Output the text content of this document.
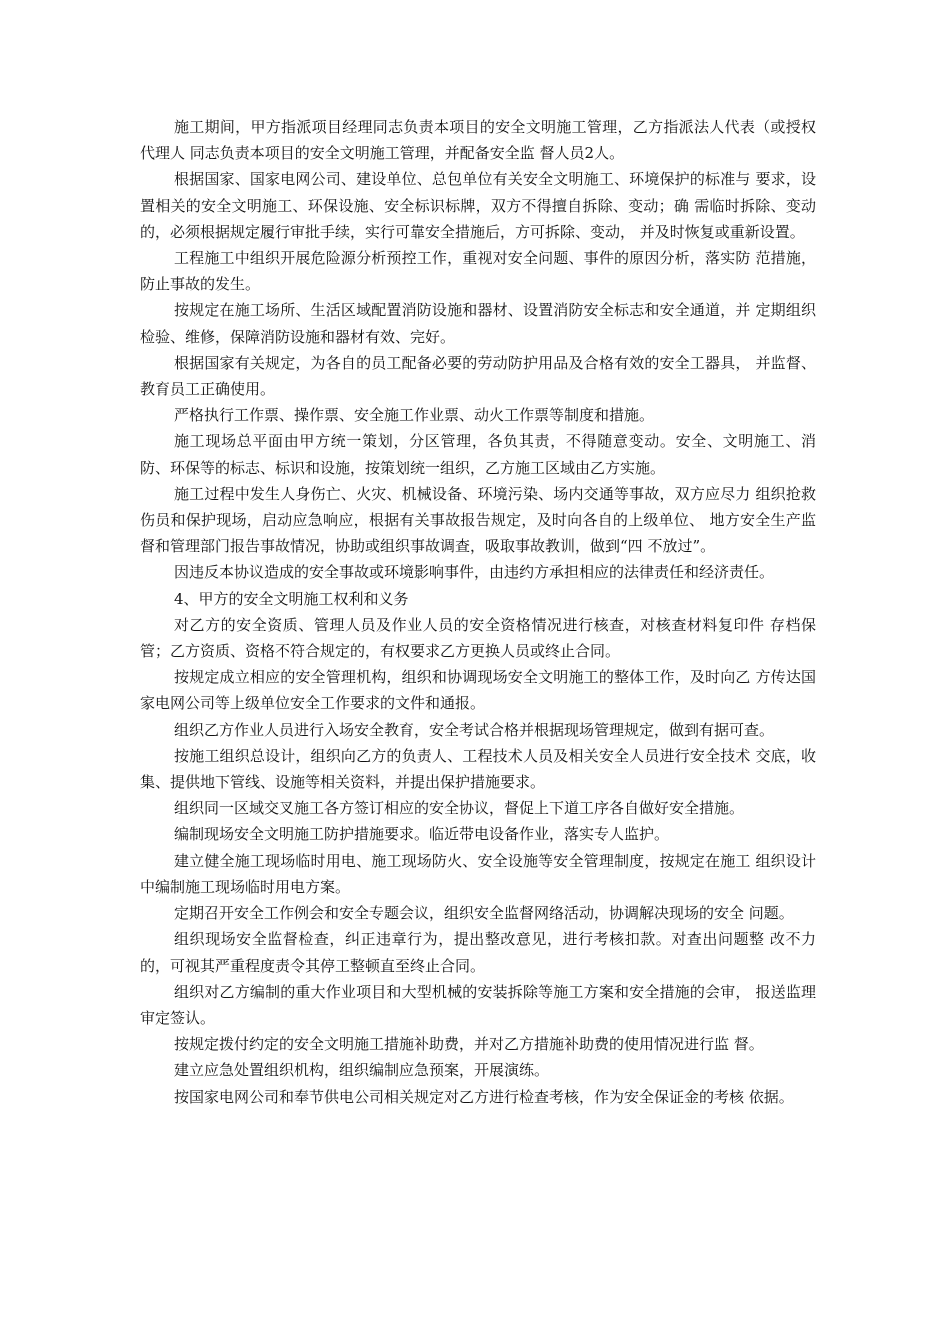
施工期间，甲方指派项目经理同志负责本项目的安全文明施工管理，乙方指派法人代表（或授权代理人 同志负责本项目的安全文明施工管理，并配备安全监 督人员2人。

根据国家、国家电网公司、建设单位、总包单位有关安全文明施工、环境保护的标准与 要求，设置相关的安全文明施工、环保设施、安全标识标牌，双方不得擅自拆除、变动；确 需临时拆除、变动的，必须根据规定履行审批手续，实行可靠安全措施后，方可拆除、变动， 并及时恢复或重新设置。

工程施工中组织开展危险源分析预控工作，重视对安全问题、事件的原因分析，落实防 范措施，防止事故的发生。

按规定在施工场所、生活区域配置消防设施和器材、设置消防安全标志和安全通道，并 定期组织检验、维修，保障消防设施和器材有效、完好。

根据国家有关规定，为各自的员工配备必要的劳动防护用品及合格有效的安全工器具， 并监督、教育员工正确使用。

严格执行工作票、操作票、安全施工作业票、动火工作票等制度和措施。

施工现场总平面由甲方统一策划，分区管理，各负其责，不得随意变动。安全、文明施工、消防、环保等的标志、标识和设施，按策划统一组织，乙方施工区域由乙方实施。

施工过程中发生人身伤亡、火灾、机械设备、环境污染、场内交通等事故，双方应尽力 组织抢救伤员和保护现场，启动应急响应，根据有关事故报告规定，及时向各自的上级单位、 地方安全生产监督和管理部门报告事故情况，协助或组织事故调查，吸取事故教训，做到“四 不放过”。

因违反本协议造成的安全事故或环境影响事件，由违约方承担相应的法律责任和经济责任。

4、甲方的安全文明施工权利和义务

对乙方的安全资质、管理人员及作业人员的安全资格情况进行核查，对核查材料复印件 存档保管；乙方资质、资格不符合规定的，有权要求乙方更换人员或终止合同。

按规定成立相应的安全管理机构，组织和协调现场安全文明施工的整体工作，及时向乙 方传达国家电网公司等上级单位安全工作要求的文件和通报。

组织乙方作业人员进行入场安全教育，安全考试合格并根据现场管理规定，做到有据可查。

按施工组织总设计，组织向乙方的负责人、工程技术人员及相关安全人员进行安全技术 交底，收集、提供地下管线、设施等相关资料，并提出保护措施要求。

组织同一区域交叉施工各方签订相应的安全协议，督促上下道工序各自做好安全措施。

编制现场安全文明施工防护措施要求。临近带电设备作业，落实专人监护。

建立健全施工现场临时用电、施工现场防火、安全设施等安全管理制度，按规定在施工 组织设计中编制施工现场临时用电方案。

定期召开安全工作例会和安全专题会议，组织安全监督网络活动，协调解决现场的安全 问题。

组织现场安全监督检查，纠正违章行为，提出整改意见，进行考核扣款。对查出问题整 改不力的，可视其严重程度责令其停工整顿直至终止合同。

组织对乙方编制的重大作业项目和大型机械的安装拆除等施工方案和安全措施的会审， 报送监理审定签认。

按规定拨付约定的安全文明施工措施补助费，并对乙方措施补助费的使用情况进行监 督。

建立应急处置组织机构，组织编制应急预案，开展演练。

按国家电网公司和奉节供电公司相关规定对乙方进行检查考核，作为安全保证金的考核 依据。
